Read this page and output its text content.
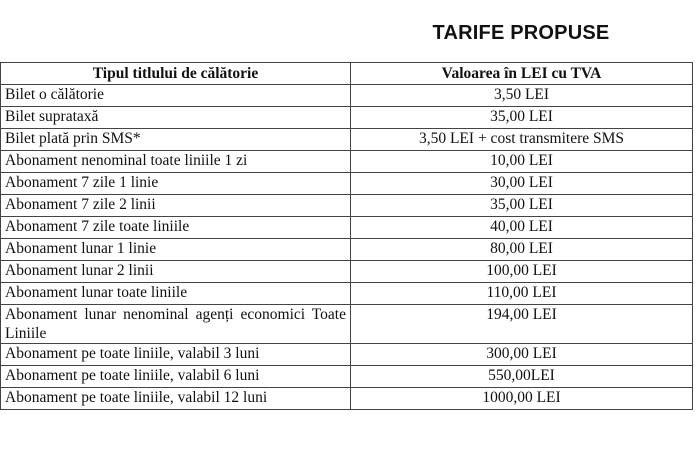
TARIFE PROPUSE
Tipul titlului de călătorie	Valoarea în LEI cu TVA
Bilet o călătorie	3,50 LEI
Bilet suprataxă	35,00 LEI
Bilet plată prin SMS*	3,50 LEI + cost transmitere SMS
Abonament nenominal toate liniile 1 zi	10,00 LEI
Abonament 7 zile 1 linie	30,00 LEI
Abonament 7 zile 2 linii	35,00 LEI
Abonament 7 zile toate liniile	40,00 LEI
Abonament lunar 1 linie	80,00 LEI
Abonament lunar 2 linii	100,00 LEI
Abonament lunar toate liniile	110,00 LEI
Abonament lunar nenominal agenți economici Toate Liniile	194,00 LEI
Abonament pe toate liniile, valabil 3 luni	300,00 LEI
Abonament pe toate liniile, valabil 6 luni	550,00LEI
Abonament pe toate liniile, valabil 12 luni	1000,00 LEI
